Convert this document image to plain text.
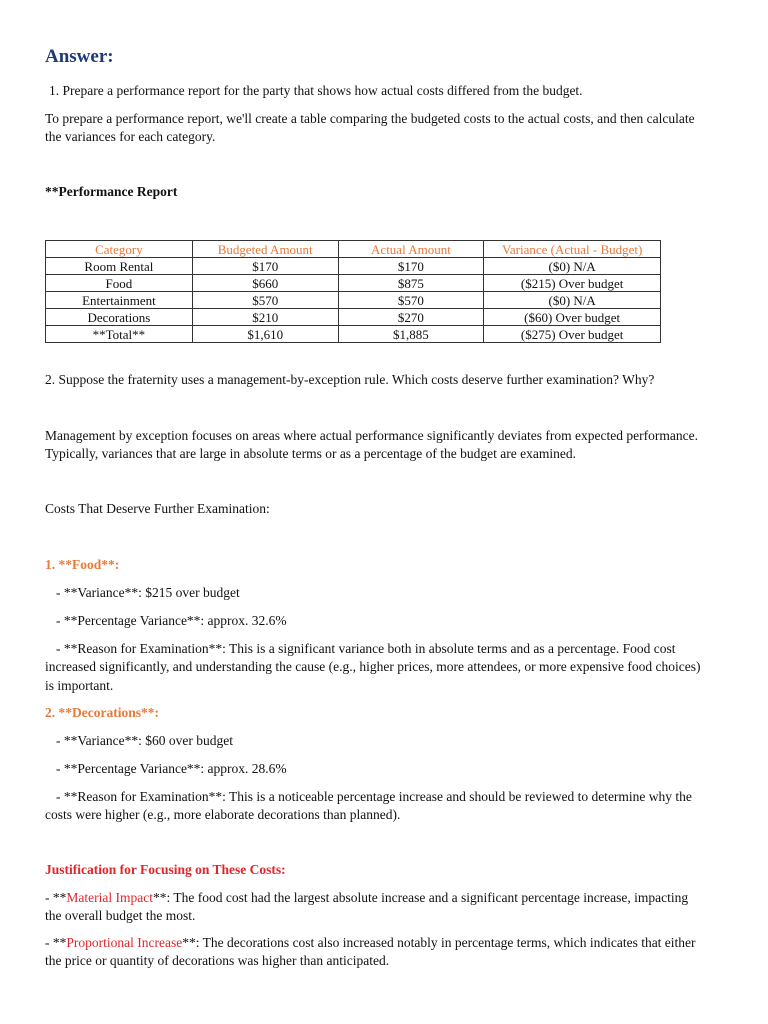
Answer:
1. Prepare a performance report for the party that shows how actual costs differed from the budget.
To prepare a performance report, we'll create a table comparing the budgeted costs to the actual costs, and then calculate
the variances for each category.
**Performance Report
Category	Budgeted Amount	Actual Amount	Variance (Actual - Budget)
Room Rental	$170	$170	($0) N/A
Food	$660	$875	($215) Over budget
Entertainment	$570	$570	($0) N/A
Decorations	$210	$270	($60) Over budget
**Total**	$1,610	$1,885	($275) Over budget
2. Suppose the fraternity uses a management-by-exception rule. Which costs deserve further examination? Why?
Management by exception focuses on areas where actual performance significantly deviates from expected performance.
Typically, variances that are large in absolute terms or as a percentage of the budget are examined.
Costs That Deserve Further Examination:
1. **Food**:
- **Variance**: $215 over budget
- **Percentage Variance**: approx. 32.6%
- **Reason for Examination**: This is a significant variance both in absolute terms and as a percentage. Food cost
increased significantly, and understanding the cause (e.g., higher prices, more attendees, or more expensive food choices)
is important.
2. **Decorations**:
- **Variance**: $60 over budget
- **Percentage Variance**: approx. 28.6%
- **Reason for Examination**: This is a noticeable percentage increase and should be reviewed to determine why the
costs were higher (e.g., more elaborate decorations than planned).
Justification for Focusing on These Costs:
- **Material Impact**: The food cost had the largest absolute increase and a significant percentage increase, impacting
the overall budget the most.
- **Proportional Increase**: The decorations cost also increased notably in percentage terms, which indicates that either
the price or quantity of decorations was higher than anticipated.
